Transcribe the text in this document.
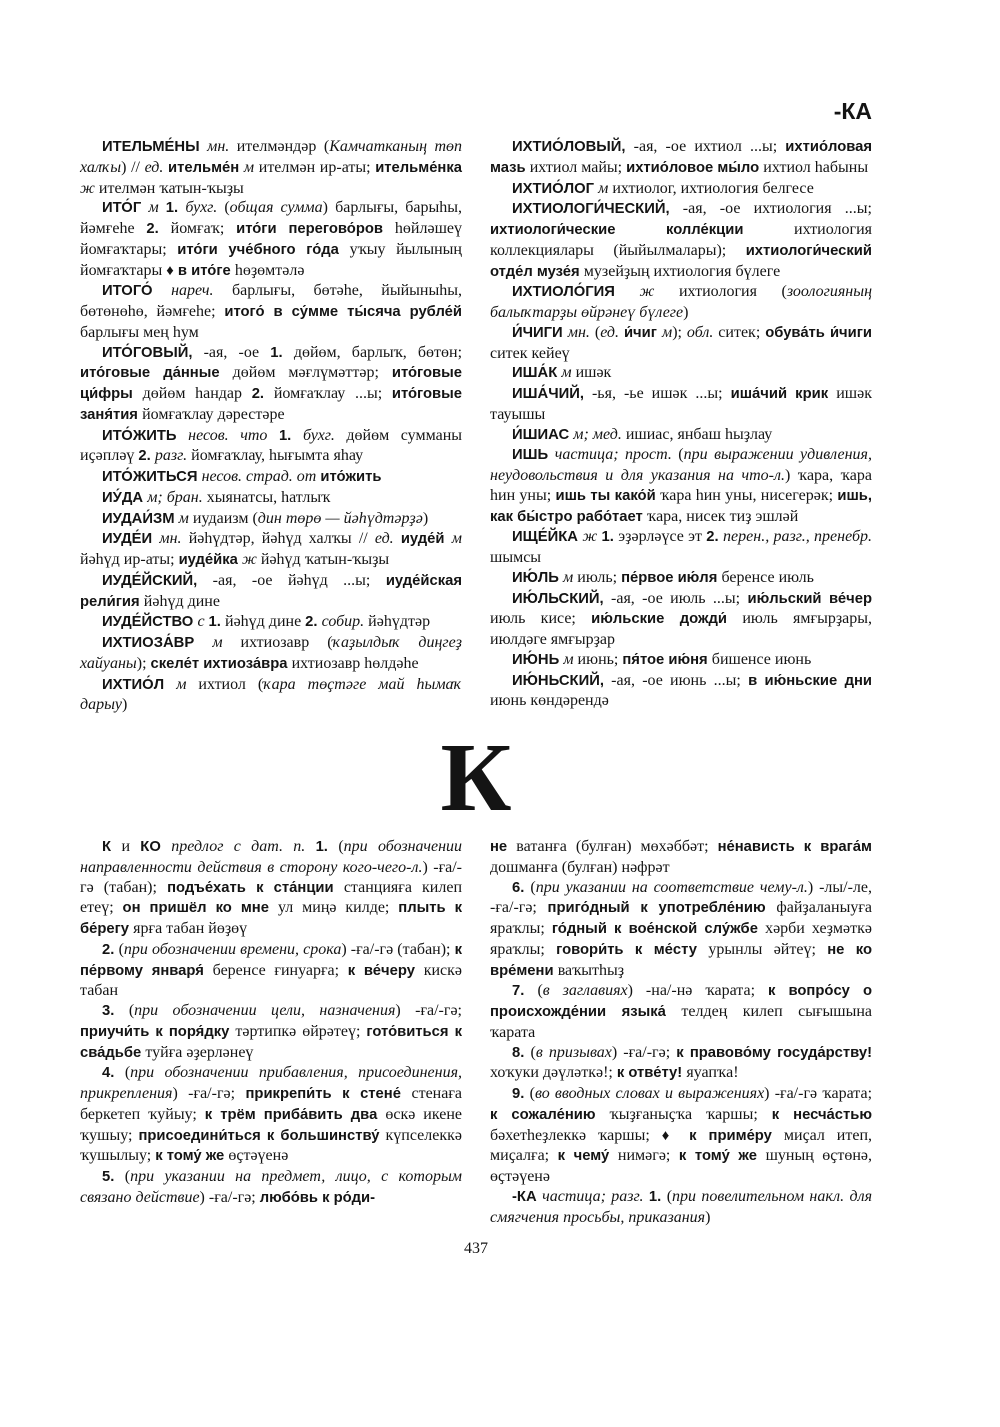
-КА

ИТЕЛЬМЕ́НЫ мн. ителмәндәр (Камчатканың төп халҡы) // ед. ительме́н м ителмән ир-аты; ительме́нка ж ителмән ҡатын-ҡыҙы

ИТО́Г м 1. бухг. (общая сумма) барлығы, барыһы, йәмғеһе 2. йомғаҡ; ито́ги перегово́ров һөйләшеү йомғаҡтары; ито́ги уче́бного го́да уҡыу йылының йомғаҡтары ♦ в ито́ге һөҙөмтәлә

ИТОГО́ нареч. барлығы, бөтәһе, йыйыныһы, бөтөнөһө, йәмғеһе; итого́ в су́мме ты́сяча рубле́й барлығы мең һум

ИТО́ГОВЫЙ, -ая, -ое 1. дөйөм, барлыҡ, бөтөн; ито́говые да́нные дөйөм мәғлүмәттәр; ито́говые ци́фры дөйөм һандар 2. йомғаҡлау ...ы; ито́говые заня́тия йомғаҡлау дәрестәре

ИТО́ЖИТЬ несов. что 1. бухг. дөйөм сумманы иҫәпләү 2. разг. йомғаҡлау, һығымта яһау

ИТО́ЖИТЬСЯ несов. страд. от ито́жить

ИУ́ДА м; бран. хыянатсы, һатлыҡ

ИУДАИ́ЗМ м иудаизм (дин төрө — йәһүдтәрҙә)

ИУДЕ́И мн. йәһүдтәр, йәһүд халҡы // ед. иуде́й м йәһүд ир-аты; иуде́йка ж йәһүд ҡатын-ҡыҙы

ИУДЕ́ЙСКИЙ, -ая, -ое йәһүд ...ы; иуде́йская рели́гия йәһүд дине

ИУДЕ́ЙСТВО с 1. йәһүд дине 2. собир. йәһүдтәр

ИХТИОЗА́ВР м ихтиозавр (ҡаҙылдыҡ диңгеҙ хайуаны); скеле́т ихтиоза́вра ихтиозавр һөлдәһе

ИХТИО́Л м ихтиол (ҡара төҫтәге май һымаҡ дарыу)

ИХТИО́ЛОВЫЙ, -ая, -ое ихтиол ...ы; ихтио́ловая мазь ихтиол майы; ихтио́ловое мы́ло ихтиол һабыны

ИХТИО́ЛОГ м ихтиолог, ихтиология белгесе

ИХТИОЛОГИ́ЧЕСКИЙ, -ая, -ое ихтиология ...ы; ихтиологи́ческие колле́кции ихтиология коллекциялары (йыйылмалары); ихтиологи́ческий отде́л музе́я музейҙың ихтиология бүлеге

ИХТИОЛО́ГИЯ ж ихтиология (зоологияның балыҡтарҙы өйрәнеү бүлеге)

И́ЧИГИ мн. (ед. и́чиг м); обл. ситек; обува́ть и́чиги ситек кейеү

ИША́К м ишәк

ИША́ЧИЙ, -ья, -ье ишәк ...ы; иша́чий крик ишәк тауышы

И́ШИАС м; мед. ишиас, янбаш һыҙлау

ИШЬ частица; прост. (при выражении удивления, неудовольствия и для указания на что-л.) ҡара, ҡара һин уны; ишь ты како́й ҡара һин уны, нисегерәк; ишь, как бы́стро рабо́тает ҡара, нисек тиҙ эшләй

ИЩЕ́ЙКА ж 1. эҙәрләүсе эт 2. перен., разг., пренебр. шымсы

ИЮ́ЛЬ м июль; пе́рвое ию́ля беренсе июль

ИЮ́ЛЬСКИЙ, -ая, -ое июль ...ы; ию́льский ве́чер июль кисе; ию́льские дожди́ июль ямғырҙары, июлдәге ямғырҙар

ИЮ́НЬ м июнь; пя́тое ию́ня бишенсе июнь

ИЮ́НЬСКИЙ, -ая, -ое июнь ...ы; в ию́ньские дни июнь көндәрендә

К

К и КО предлог с дат. п. 1. (при обозначении направленности действия в сторону кого-чего-л.) -ға/-гә (табан); подъе́хать к ста́нции станцияға килеп етеү; он пришёл ко мне ул миңә килде; плыть к бе́регу ярға табан йөҙөү

2. (при обозначении времени, срока) -ға/-гә (табан); к пе́рвому января́ беренсе ғинуарға; к ве́черу кискә табан

3. (при обозначении цели, назначения) -ға/-гә; приучи́ть к поря́дку тәртипкә өйрәтеү; гото́виться к сва́дьбе туйға әҙерләнеү

4. (при обозначении прибавления, присоединения, прикрепления) -ға/-гә; прикрепи́ть к стене́ стенаға беркетеп ҡуйыу; к трём приба́вить два өскә икене ҡушыу; присоедини́ться к большинству́ күпселеккә ҡушылыу; к тому́ же өҫтәүенә

5. (при указании на предмет, лицо, с которым связано действие) -ға/-гә; любо́вь к ро́ди-

не ватанға (булған) мөхәббәт; не́нависть к врага́м дошманға (булған) нәфрәт

6. (при указании на соответствие чему-л.) -лы/-ле, -ға/-гә; приго́дный к употребле́нию файҙаланыуға яраҡлы; го́дный к вое́нской слу́жбе хәрби хеҙмәткә яраҡлы; говори́ть к ме́сту урынлы әйтеү; не ко вре́мени ваҡытһыҙ

7. (в заглавиях) -на/-нә ҡарата; к вопро́су о происхожде́нии языка́ телдең килеп сығышына ҡарата

8. (в призывах) -ға/-гә; к правово́му госуда́рству! хоҡуки дәүләткә!; к отве́ту! яуапҡа!

9. (во вводных словах и выражениях) -ға/-гә ҡарата; к сожале́нию ҡыҙғаныҫҡа ҡаршы; к несча́стью бәхетһеҙлеккә ҡаршы; ♦ к приме́ру миҫал итеп, миҫалға; к чему́ нимәгә; к тому́ же шуның өҫтөнә, өҫтәүенә

-КА частица; разг. 1. (при повелительном накл. для смягчения просьбы, приказания)

437
